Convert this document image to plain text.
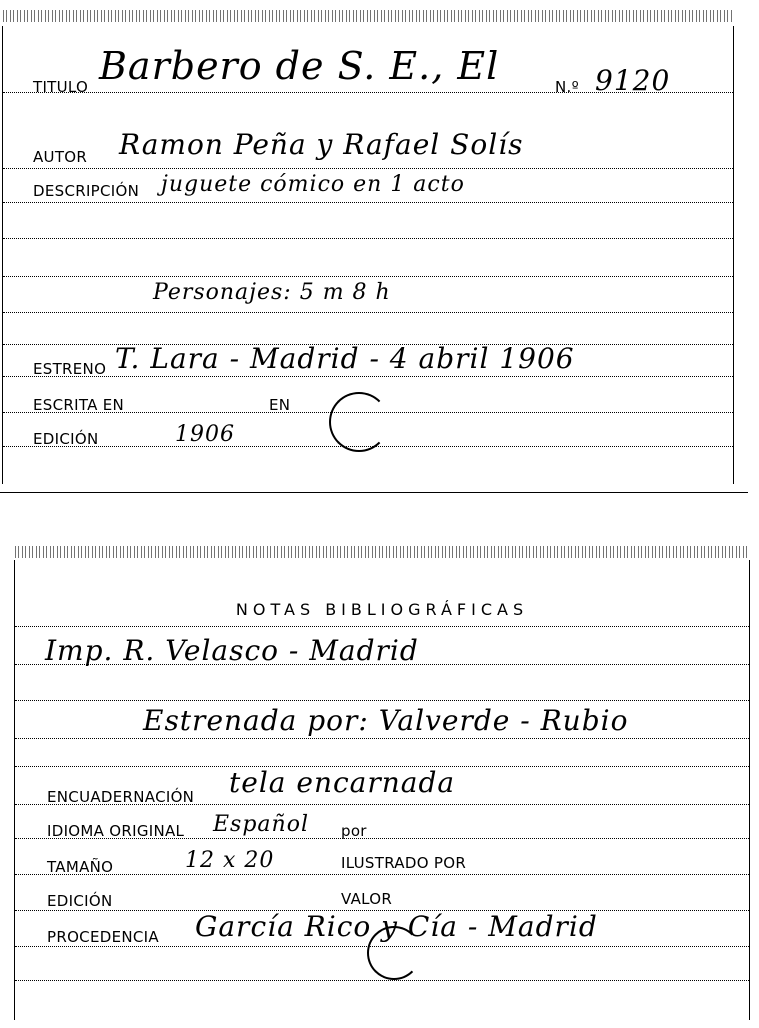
TITULO Barbero de S. E., El	N.º 9120
AUTOR Ramon Peña y Rafael Solís
DESCRIPCIÓN juguete cómico en 1 acto
Personajes: 5 m 8 h
ESTRENO T. Lara - Madrid - 4 abril 1906
ESCRITA EN	EN
EDICIÓN	1906
NOTAS BIBLIOGRÁFICAS
Imp. R. Velasco - Madrid
Estrenada por: Valverde - Rubio
ENCUADERNACIÓN tela encarnada
IDIOMA ORIGINAL Español por
TAMAÑO	12 x 20	ILUSTRADO POR
EDICIÓN	VALOR
PROCEDENCIA García Rico y Cía - Madrid
